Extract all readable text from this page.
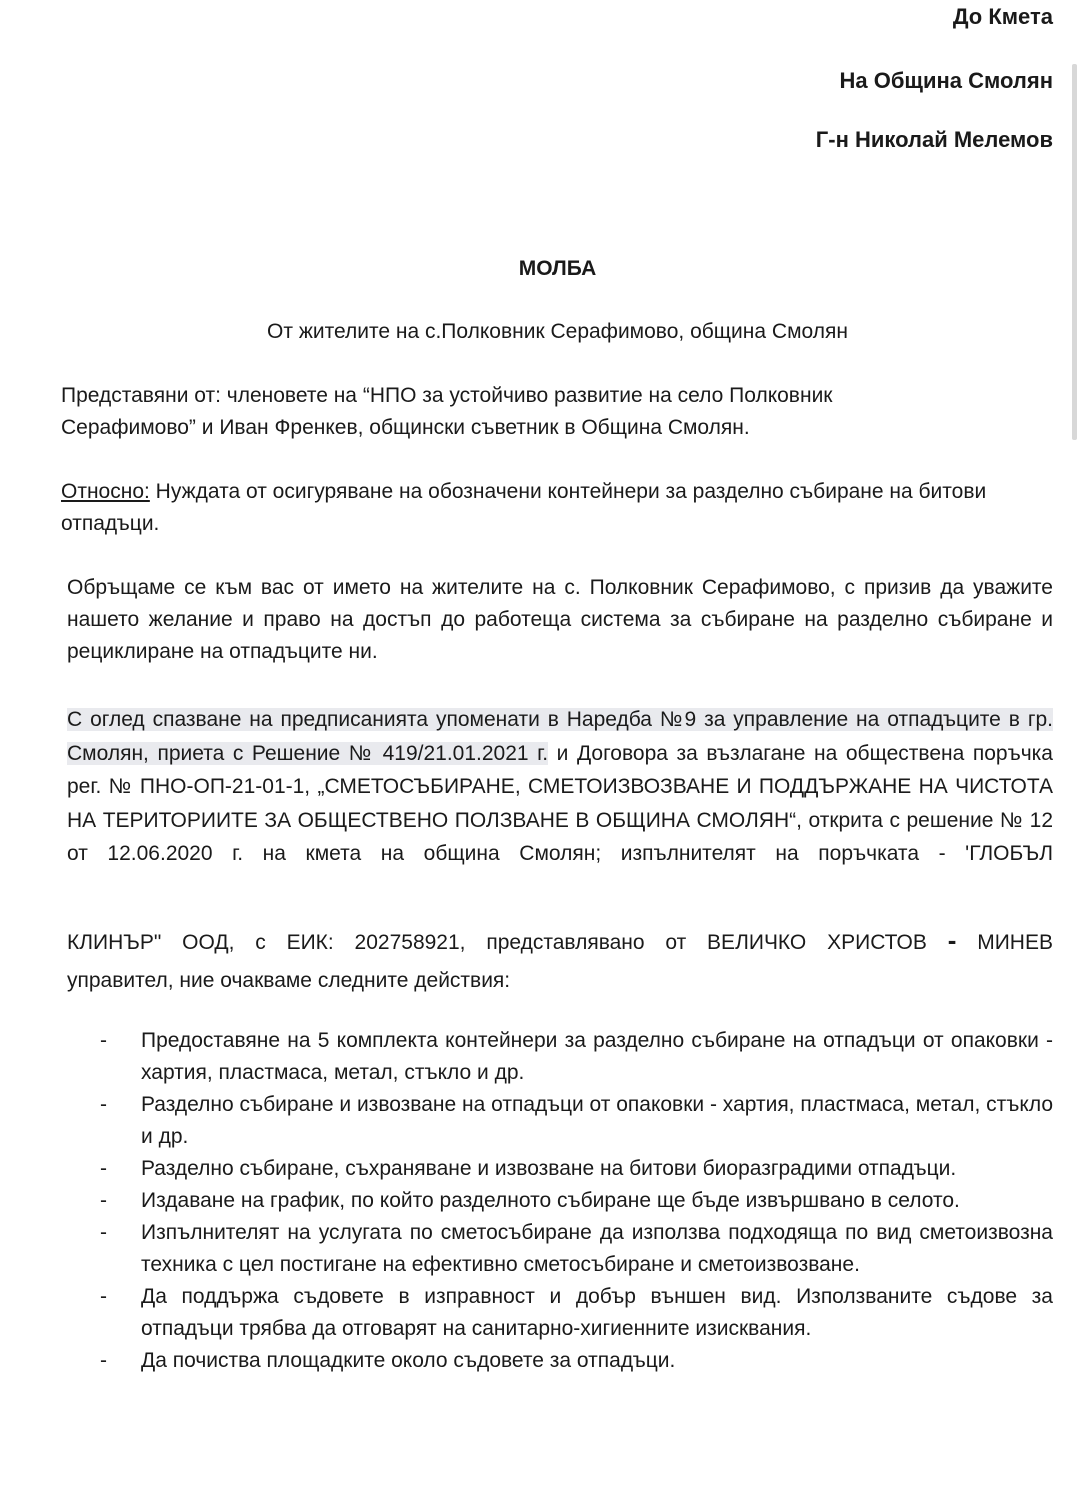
До Кмета
На Община Смолян
Г-н Николай Мелемов
МОЛБА
От жителите на с.Полковник Серафимово, община Смолян
Представяни от: членовете на “НПО за устойчиво развитие на село Полковник Серафимово” и Иван Френкев, общински съветник в Община Смолян.
Относно: Нуждата от осигуряване на обозначени контейнери за разделно събиране на битови отпадъци.
Обръщаме се към вас от името на жителите на с. Полковник Серафимово, с призив да уважите нашето желание и право на достъп до работеща система за събиране на разделно събиране и рециклиране на отпадъците ни.
С оглед спазване на предписанията упоменати в Наредба №9 за управление на отпадъците в гр. Смолян, приета с Решение № 419/21.01.2021 г. и Договора за възлагане на обществена поръчка рег. № ПНО-ОП-21-01-1, „СМЕТОСЪБИРАНЕ, СМЕТОИЗВОЗВАНЕ И ПОДДЪРЖАНЕ НА ЧИСТОТА НА ТЕРИТОРИИТЕ ЗА ОБЩЕСТВЕНО ПОЛЗВАНЕ В ОБЩИНА СМОЛЯН“, открита с решение № 12 от 12.06.2020 г. на кмета на община Смолян; изпълнителят на поръчката - 'ГЛОБЪЛ
КЛИНЪР" ООД, с ЕИК: 202758921, представлявано от ВЕЛИЧКО ХРИСТОВ - МИНЕВ
управител, ние очакваме следните действия:
- Предоставяне на 5 комплекта контейнери за разделно събиране на отпадъци от опаковки - хартия, пластмаса, метал, стъкло и др.
- Разделно събиране и извозване на отпадъци от опаковки - хартия, пластмаса, метал, стъкло и др.
- Разделно събиране, съхраняване и извозване на битови биоразградими отпадъци.
- Издаване на график, по който разделното събиране ще бъде извършвано в селото.
- Изпълнителят на услугата по сметосъбиране да използва подходяща по вид сметоизвозна техника с цел постигане на ефективно сметосъбиране и сметоизвозване.
- Да поддържа съдовете в изправност и добър външен вид. Използваните съдове за отпадъци трябва да отговарят на санитарно-хигиенните изисквания.
- Да почиства площадките около съдовете за отпадъци.
